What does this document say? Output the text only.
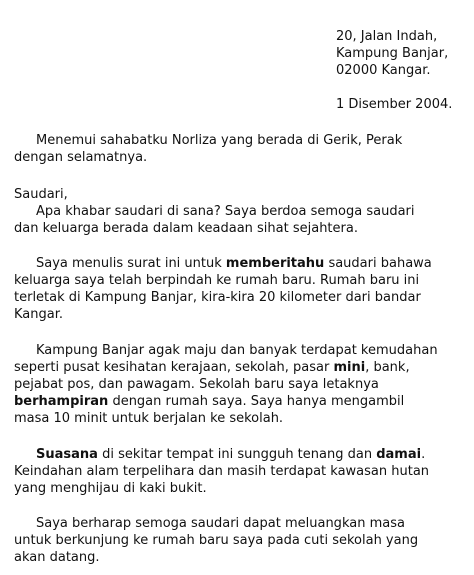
20, Jalan Indah,
Kampung Banjar,
02000 Kangar.
1 Disember 2004.

Menemui sahabatku Norliza yang berada di Gerik, Perak
dengan selamatnya.

Saudari,

Apa khabar saudari di sana? Saya berdoa semoga saudari
dan keluarga berada dalam keadaan sihat sejahtera.

Saya menulis surat ini untuk memberitahu saudari bahawa
keluarga saya telah berpindah ke rumah baru. Rumah baru ini
terletak di Kampung Banjar, kira-kira 20 kilometer dari bandar
Kangar.

Kampung Banjar agak maju dan banyak terdapat kemudahan
seperti pusat kesihatan kerajaan, sekolah, pasar mini, bank,
pejabat pos, dan pawagam. Sekolah baru saya letaknya
berhampiran dengan rumah saya. Saya hanya mengambil
masa 10 minit untuk berjalan ke sekolah.

Suasana di sekitar tempat ini sungguh tenang dan damai.
Keindahan alam terpelihara dan masih terdapat kawasan hutan
yang menghijau di kaki bukit.

Saya berharap semoga saudari dapat meluangkan masa
untuk berkunjung ke rumah baru saya pada cuti sekolah yang
akan datang.
